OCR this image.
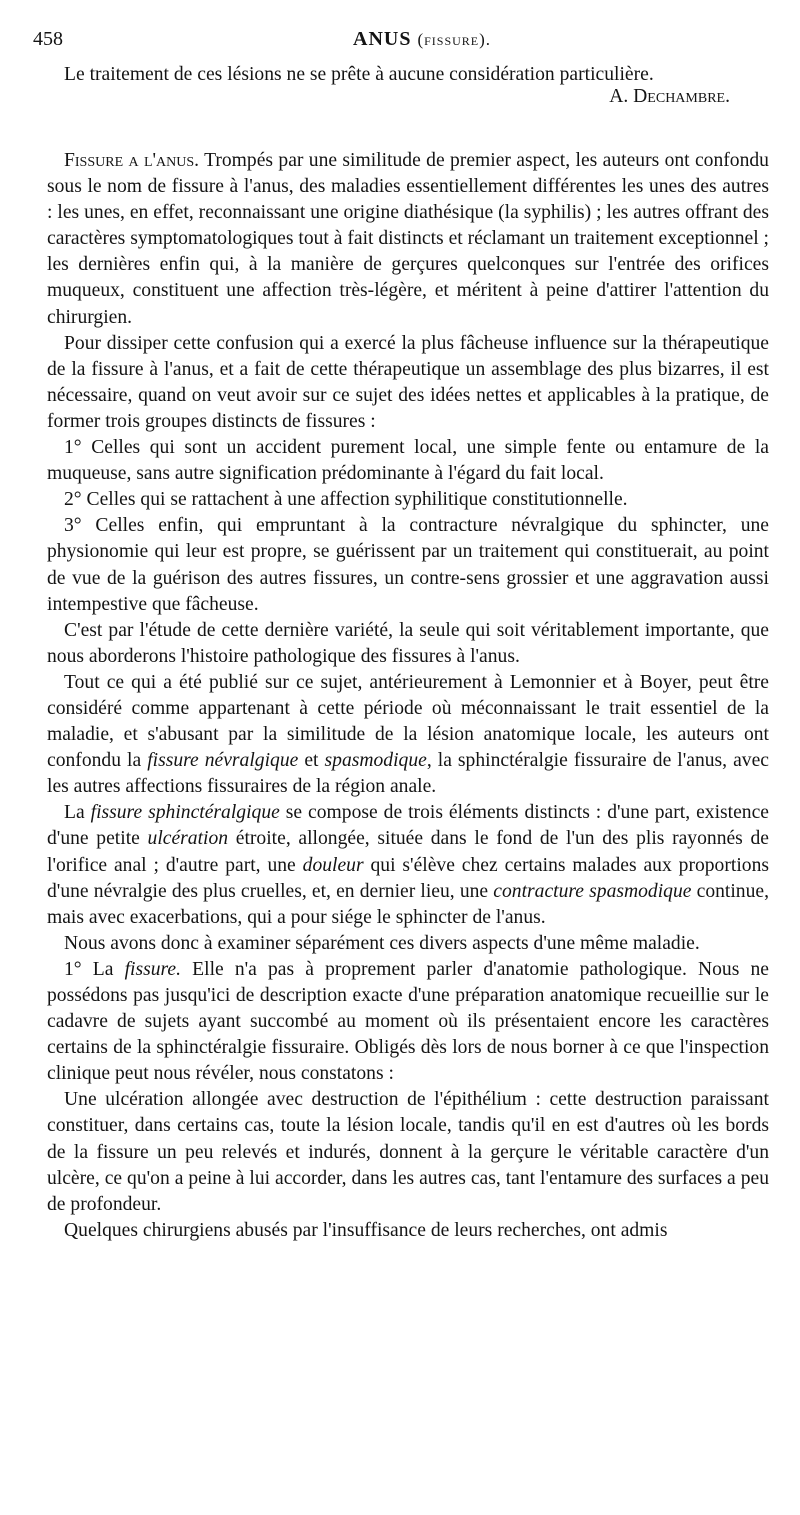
458	ANUS (fissure).

Le traitement de ces lésions ne se prête à aucune considération particulière.

A. Dechambre.

Fissure a l'anus. Trompés par une similitude de premier aspect, les auteurs ont confondu sous le nom de fissure à l'anus, des maladies essentiellement différentes les unes des autres : les unes, en effet, reconnaissant une origine diathésique (la syphilis) ; les autres offrant des caractères symptomatologiques tout à fait distincts et réclamant un traitement exceptionnel ; les dernières enfin qui, à la manière de gerçures quelconques sur l'entrée des orifices muqueux, constituent une affection très-légère, et méritent à peine d'attirer l'attention du chirurgien.

Pour dissiper cette confusion qui a exercé la plus fâcheuse influence sur la thérapeutique de la fissure à l'anus, et a fait de cette thérapeutique un assemblage des plus bizarres, il est nécessaire, quand on veut avoir sur ce sujet des idées nettes et applicables à la pratique, de former trois groupes distincts de fissures :

1° Celles qui sont un accident purement local, une simple fente ou entamure de la muqueuse, sans autre signification prédominante à l'égard du fait local.

2° Celles qui se rattachent à une affection syphilitique constitutionnelle.

3° Celles enfin, qui empruntant à la contracture névralgique du sphincter, une physionomie qui leur est propre, se guérissent par un traitement qui constituerait, au point de vue de la guérison des autres fissures, un contre-sens grossier et une aggravation aussi intempestive que fâcheuse.

C'est par l'étude de cette dernière variété, la seule qui soit véritablement importante, que nous aborderons l'histoire pathologique des fissures à l'anus.

Tout ce qui a été publié sur ce sujet, antérieurement à Lemonnier et à Boyer, peut être considéré comme appartenant à cette période où méconnaissant le trait essentiel de la maladie, et s'abusant par la similitude de la lésion anatomique locale, les auteurs ont confondu la fissure névralgique et spasmodique, la sphinctéralgie fissuraire de l'anus, avec les autres affections fissuraires de la région anale.

La fissure sphinctéralgique se compose de trois éléments distincts : d'une part, existence d'une petite ulcération étroite, allongée, située dans le fond de l'un des plis rayonnés de l'orifice anal ; d'autre part, une douleur qui s'élève chez certains malades aux proportions d'une névralgie des plus cruelles, et, en dernier lieu, une contracture spasmodique continue, mais avec exacerbations, qui a pour siége le sphincter de l'anus.

Nous avons donc à examiner séparément ces divers aspects d'une même maladie.

1° La fissure. Elle n'a pas à proprement parler d'anatomie pathologique. Nous ne possédons pas jusqu'ici de description exacte d'une préparation anatomique recueillie sur le cadavre de sujets ayant succombé au moment où ils présentaient encore les caractères certains de la sphinctéralgie fissuraire. Obligés dès lors de nous borner à ce que l'inspection clinique peut nous révéler, nous constatons :

Une ulcération allongée avec destruction de l'épithélium : cette destruction paraissant constituer, dans certains cas, toute la lésion locale, tandis qu'il en est d'autres où les bords de la fissure un peu relevés et indurés, donnent à la gerçure le véritable caractère d'un ulcère, ce qu'on a peine à lui accorder, dans les autres cas, tant l'entamure des surfaces a peu de profondeur.

Quelques chirurgiens abusés par l'insuffisance de leurs recherches, ont admis
